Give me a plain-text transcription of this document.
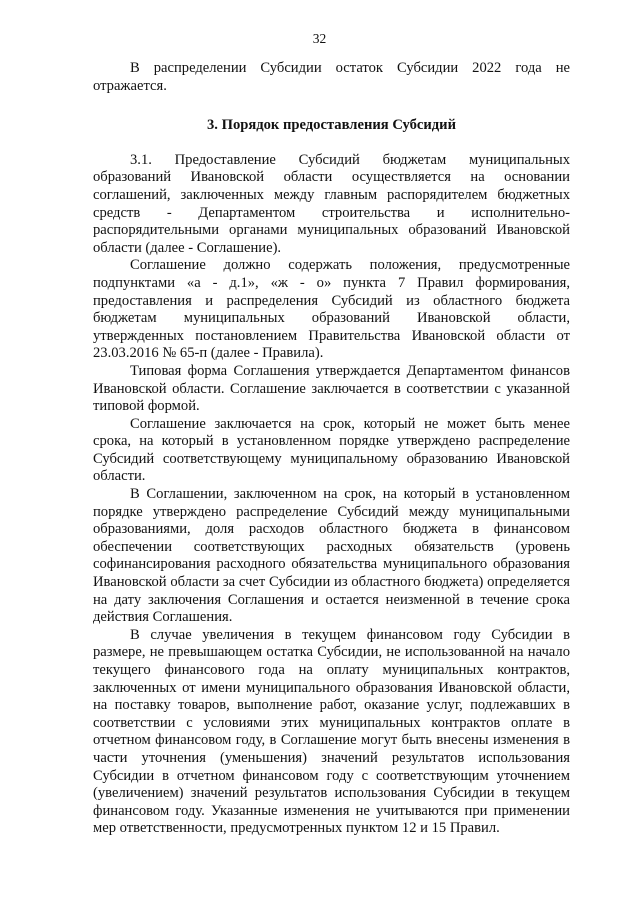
32

В распределении Субсидии остаток Субсидии 2022 года не отражается.

3. Порядок предоставления Субсидий

3.1. Предоставление Субсидий бюджетам муниципальных образований Ивановской области осуществляется на основании соглашений, заключенных между главным распорядителем бюджетных средств - Департаментом строительства и исполнительно-распорядительными органами муниципальных образований Ивановской области (далее - Соглашение).

Соглашение должно содержать положения, предусмотренные подпунктами «а - д.1», «ж - о» пункта 7 Правил формирования, предоставления и распределения Субсидий из областного бюджета бюджетам муниципальных образований Ивановской области, утвержденных постановлением Правительства Ивановской области от 23.03.2016 № 65-п (далее - Правила).

Типовая форма Соглашения утверждается Департаментом финансов Ивановской области. Соглашение заключается в соответствии с указанной типовой формой.

Соглашение заключается на срок, который не может быть менее срока, на который в установленном порядке утверждено распределение Субсидий соответствующему муниципальному образованию Ивановской области.

В Соглашении, заключенном на срок, на который в установленном порядке утверждено распределение Субсидий между муниципальными образованиями, доля расходов областного бюджета в финансовом обеспечении соответствующих расходных обязательств (уровень софинансирования расходного обязательства муниципального образования Ивановской области за счет Субсидии из областного бюджета) определяется на дату заключения Соглашения и остается неизменной в течение срока действия Соглашения.

В случае увеличения в текущем финансовом году Субсидии в размере, не превышающем остатка Субсидии, не использованной на начало текущего финансового года на оплату муниципальных контрактов, заключенных от имени муниципального образования Ивановской области, на поставку товаров, выполнение работ, оказание услуг, подлежавших в соответствии с условиями этих муниципальных контрактов оплате в отчетном финансовом году, в Соглашение могут быть внесены изменения в части уточнения (уменьшения) значений результатов использования Субсидии в отчетном финансовом году с соответствующим уточнением (увеличением) значений результатов использования Субсидии в текущем финансовом году. Указанные изменения не учитываются при применении мер ответственности, предусмотренных пунктом 12 и 15 Правил.
